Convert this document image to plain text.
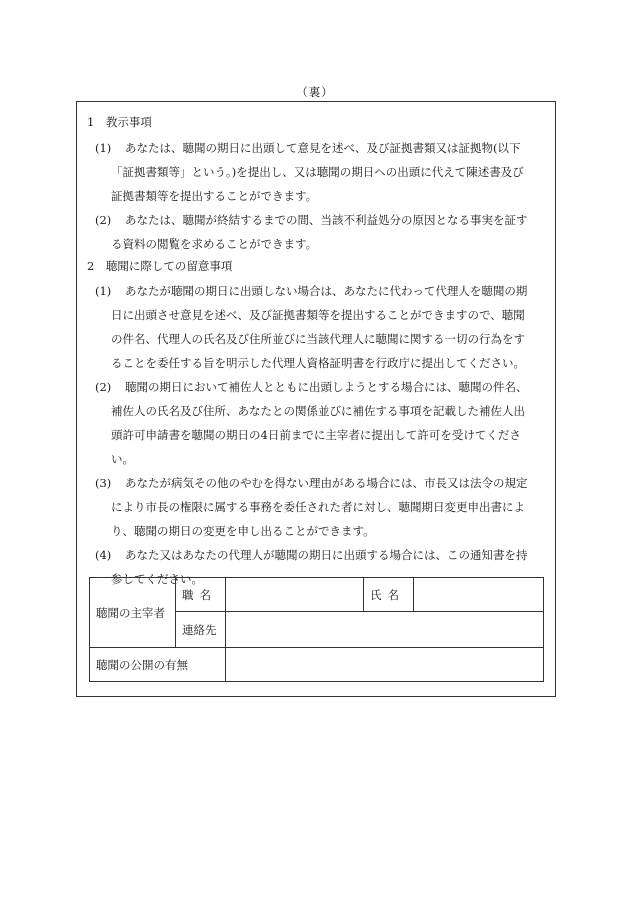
（裏）
1　教示事項
(1) あなたは、聴聞の期日に出頭して意見を述べ、及び証拠書類又は証拠物(以下
「証拠書類等」という。)を提出し、又は聴聞の期日への出頭に代えて陳述書及び
証拠書類等を提出することができます。
(2) あなたは、聴聞が終結するまでの間、当該不利益処分の原因となる事実を証す
る資料の閲覧を求めることができます。
2　聴聞に際しての留意事項
(1) あなたが聴聞の期日に出頭しない場合は、あなたに代わって代理人を聴聞の期
日に出頭させ意見を述べ、及び証拠書類等を提出することができますので、聴聞
の件名、代理人の氏名及び住所並びに当該代理人に聴聞に関する一切の行為をす
ることを委任する旨を明示した代理人資格証明書を行政庁に提出してください。
(2) 聴聞の期日において補佐人とともに出頭しようとする場合には、聴聞の件名、
補佐人の氏名及び住所、あなたとの関係並びに補佐する事項を記載した補佐人出
頭許可申請書を聴聞の期日の4日前までに主宰者に提出して許可を受けてくださ
い。
(3) あなたが病気その他のやむを得ない理由がある場合には、市長又は法令の規定
により市長の権限に属する事務を委任された者に対し、聴聞期日変更申出書によ
り、聴聞の期日の変更を申し出ることができます。
(4) あなた又はあなたの代理人が聴聞の期日に出頭する場合には、この通知書を持
参してください。
聴聞の主宰者	職名		氏名	
	連絡先			
聴聞の公開の有無				
